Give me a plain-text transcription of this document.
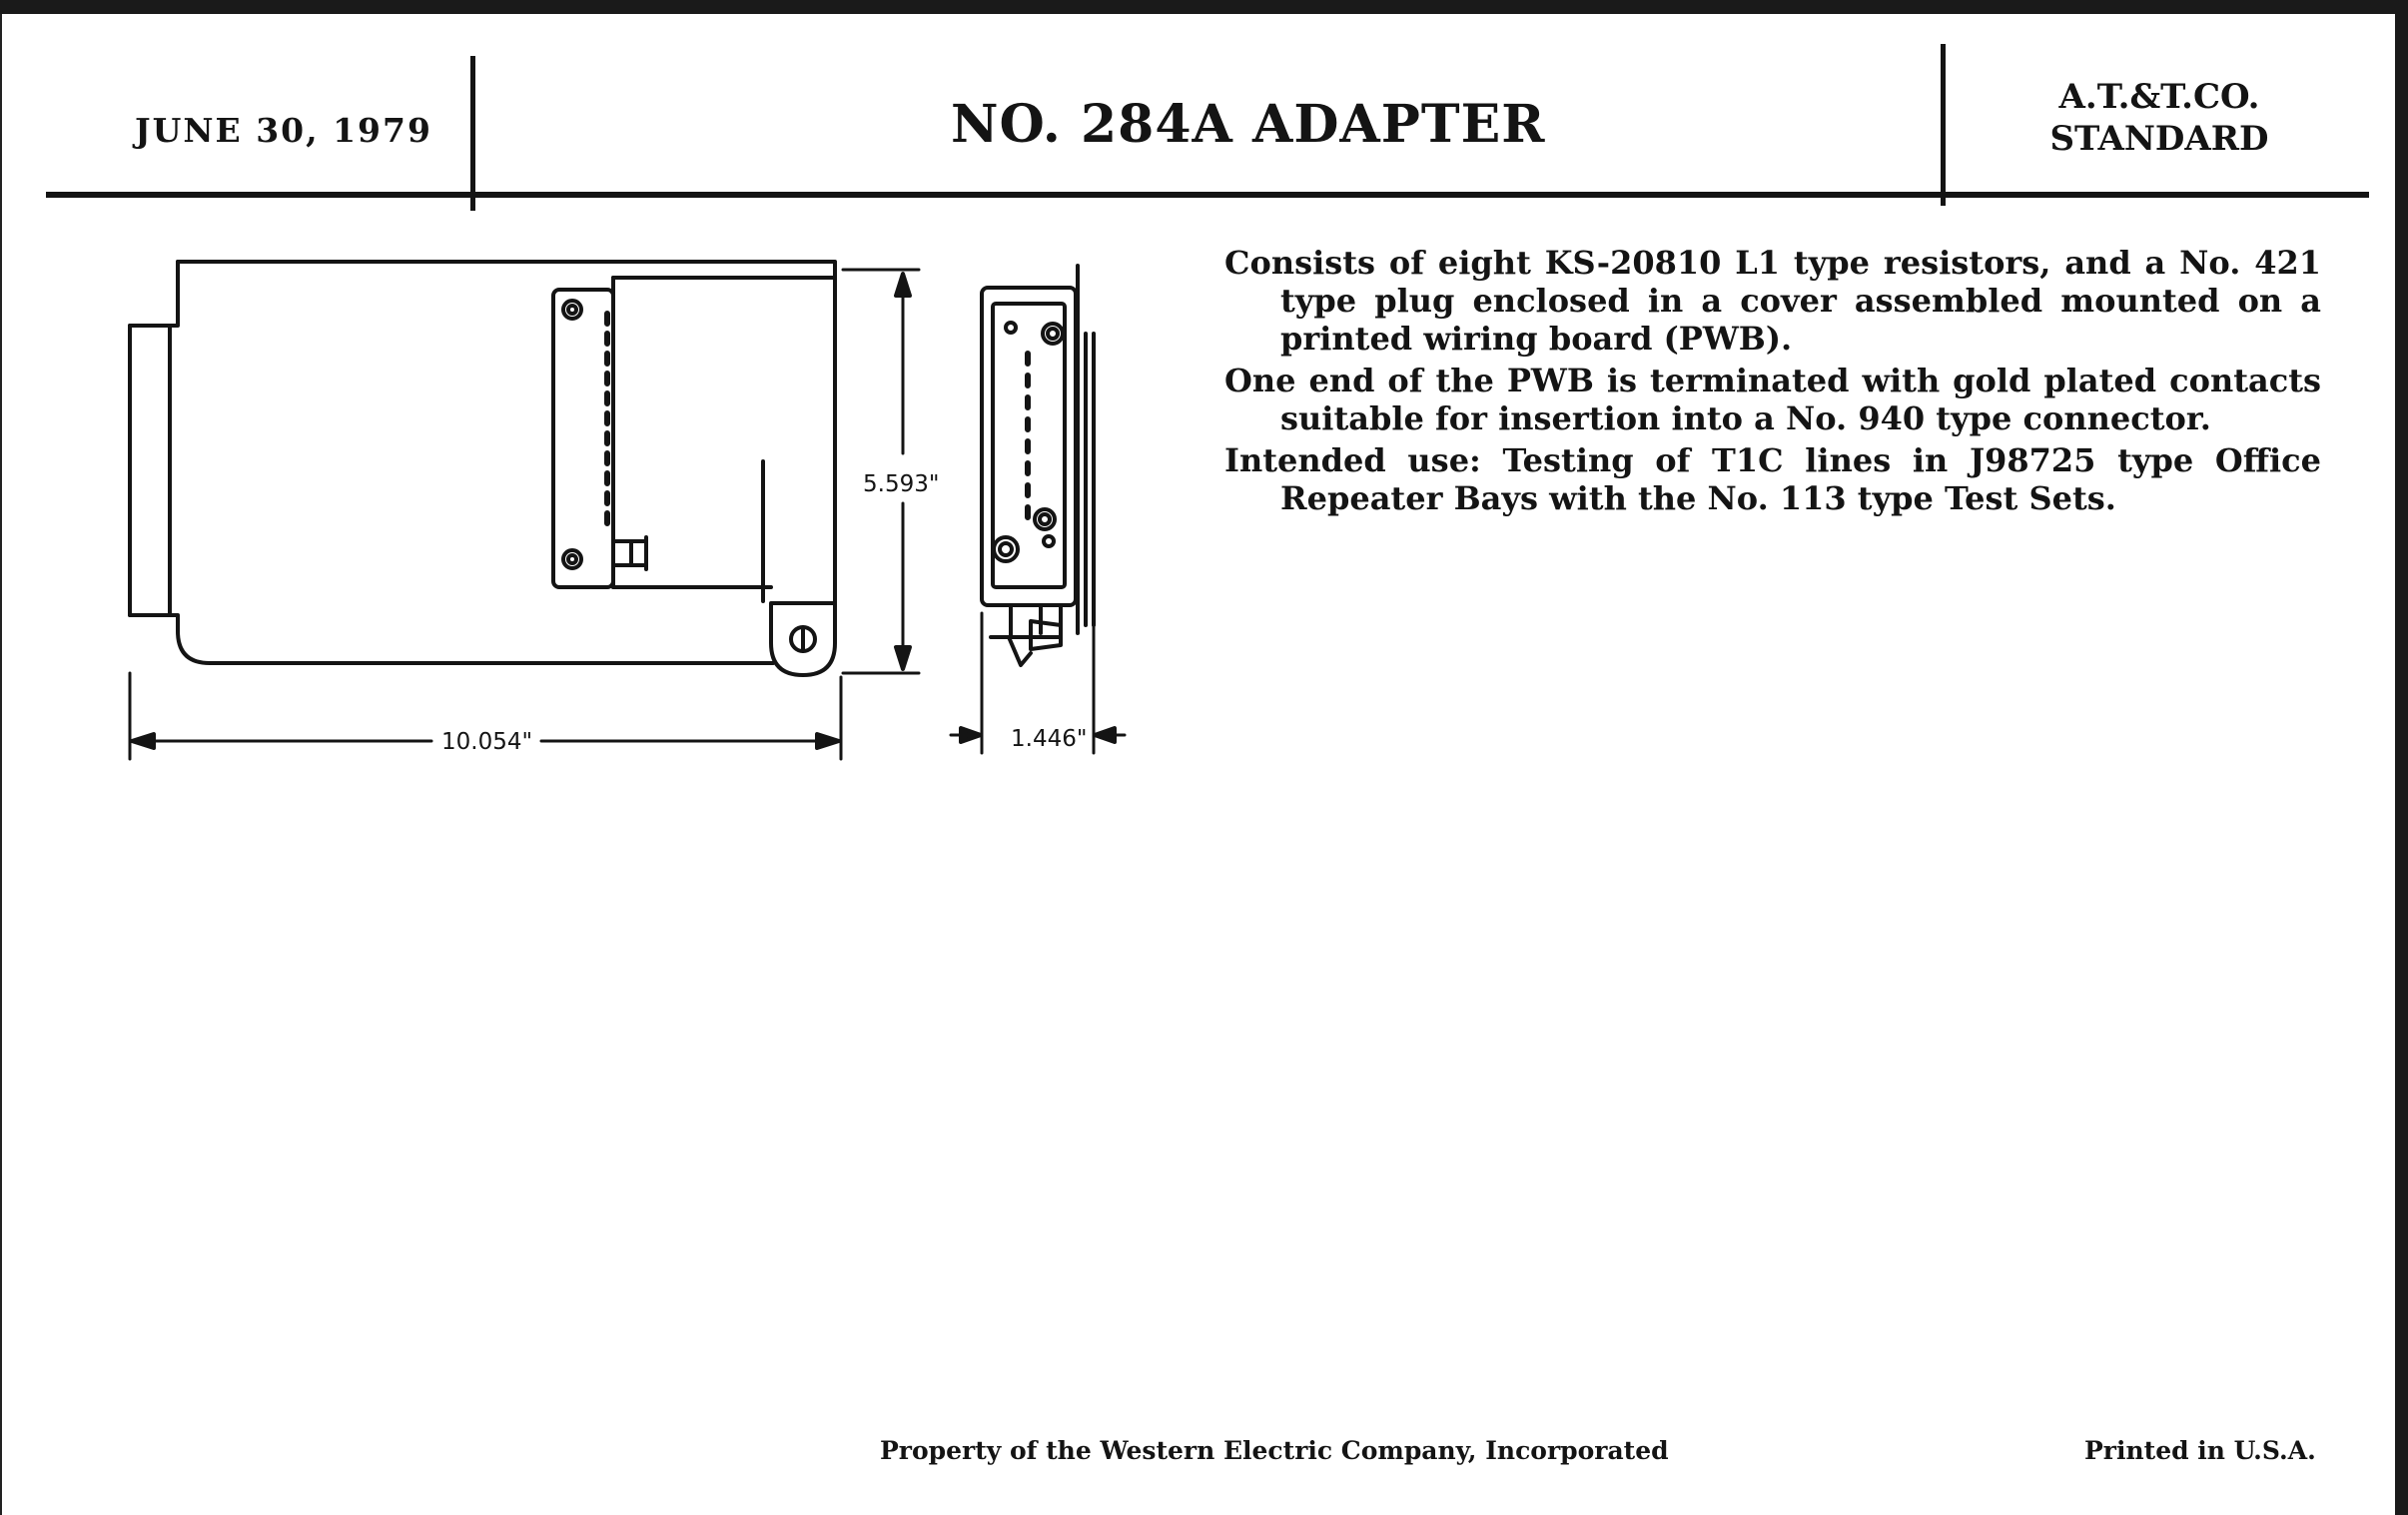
JUNE 30, 1979	NO. 284A ADAPTER	A.T.&T.CO.
STANDARD
5.593"
10.054"	1.446"

Consists of eight KS-20810 L1 type resistors, and a No. 421 type plug enclosed in a cover assembled mounted on a printed wiring board (PWB).

One end of the PWB is terminated with gold plated contacts suitable for insertion into a No. 940 type connector.

Intended use: Testing of T1C lines in J98725 type Office Repeater Bays with the No. 113 type Test Sets.

Property of the Western Electric Company, Incorporated	Printed in U.S.A.
